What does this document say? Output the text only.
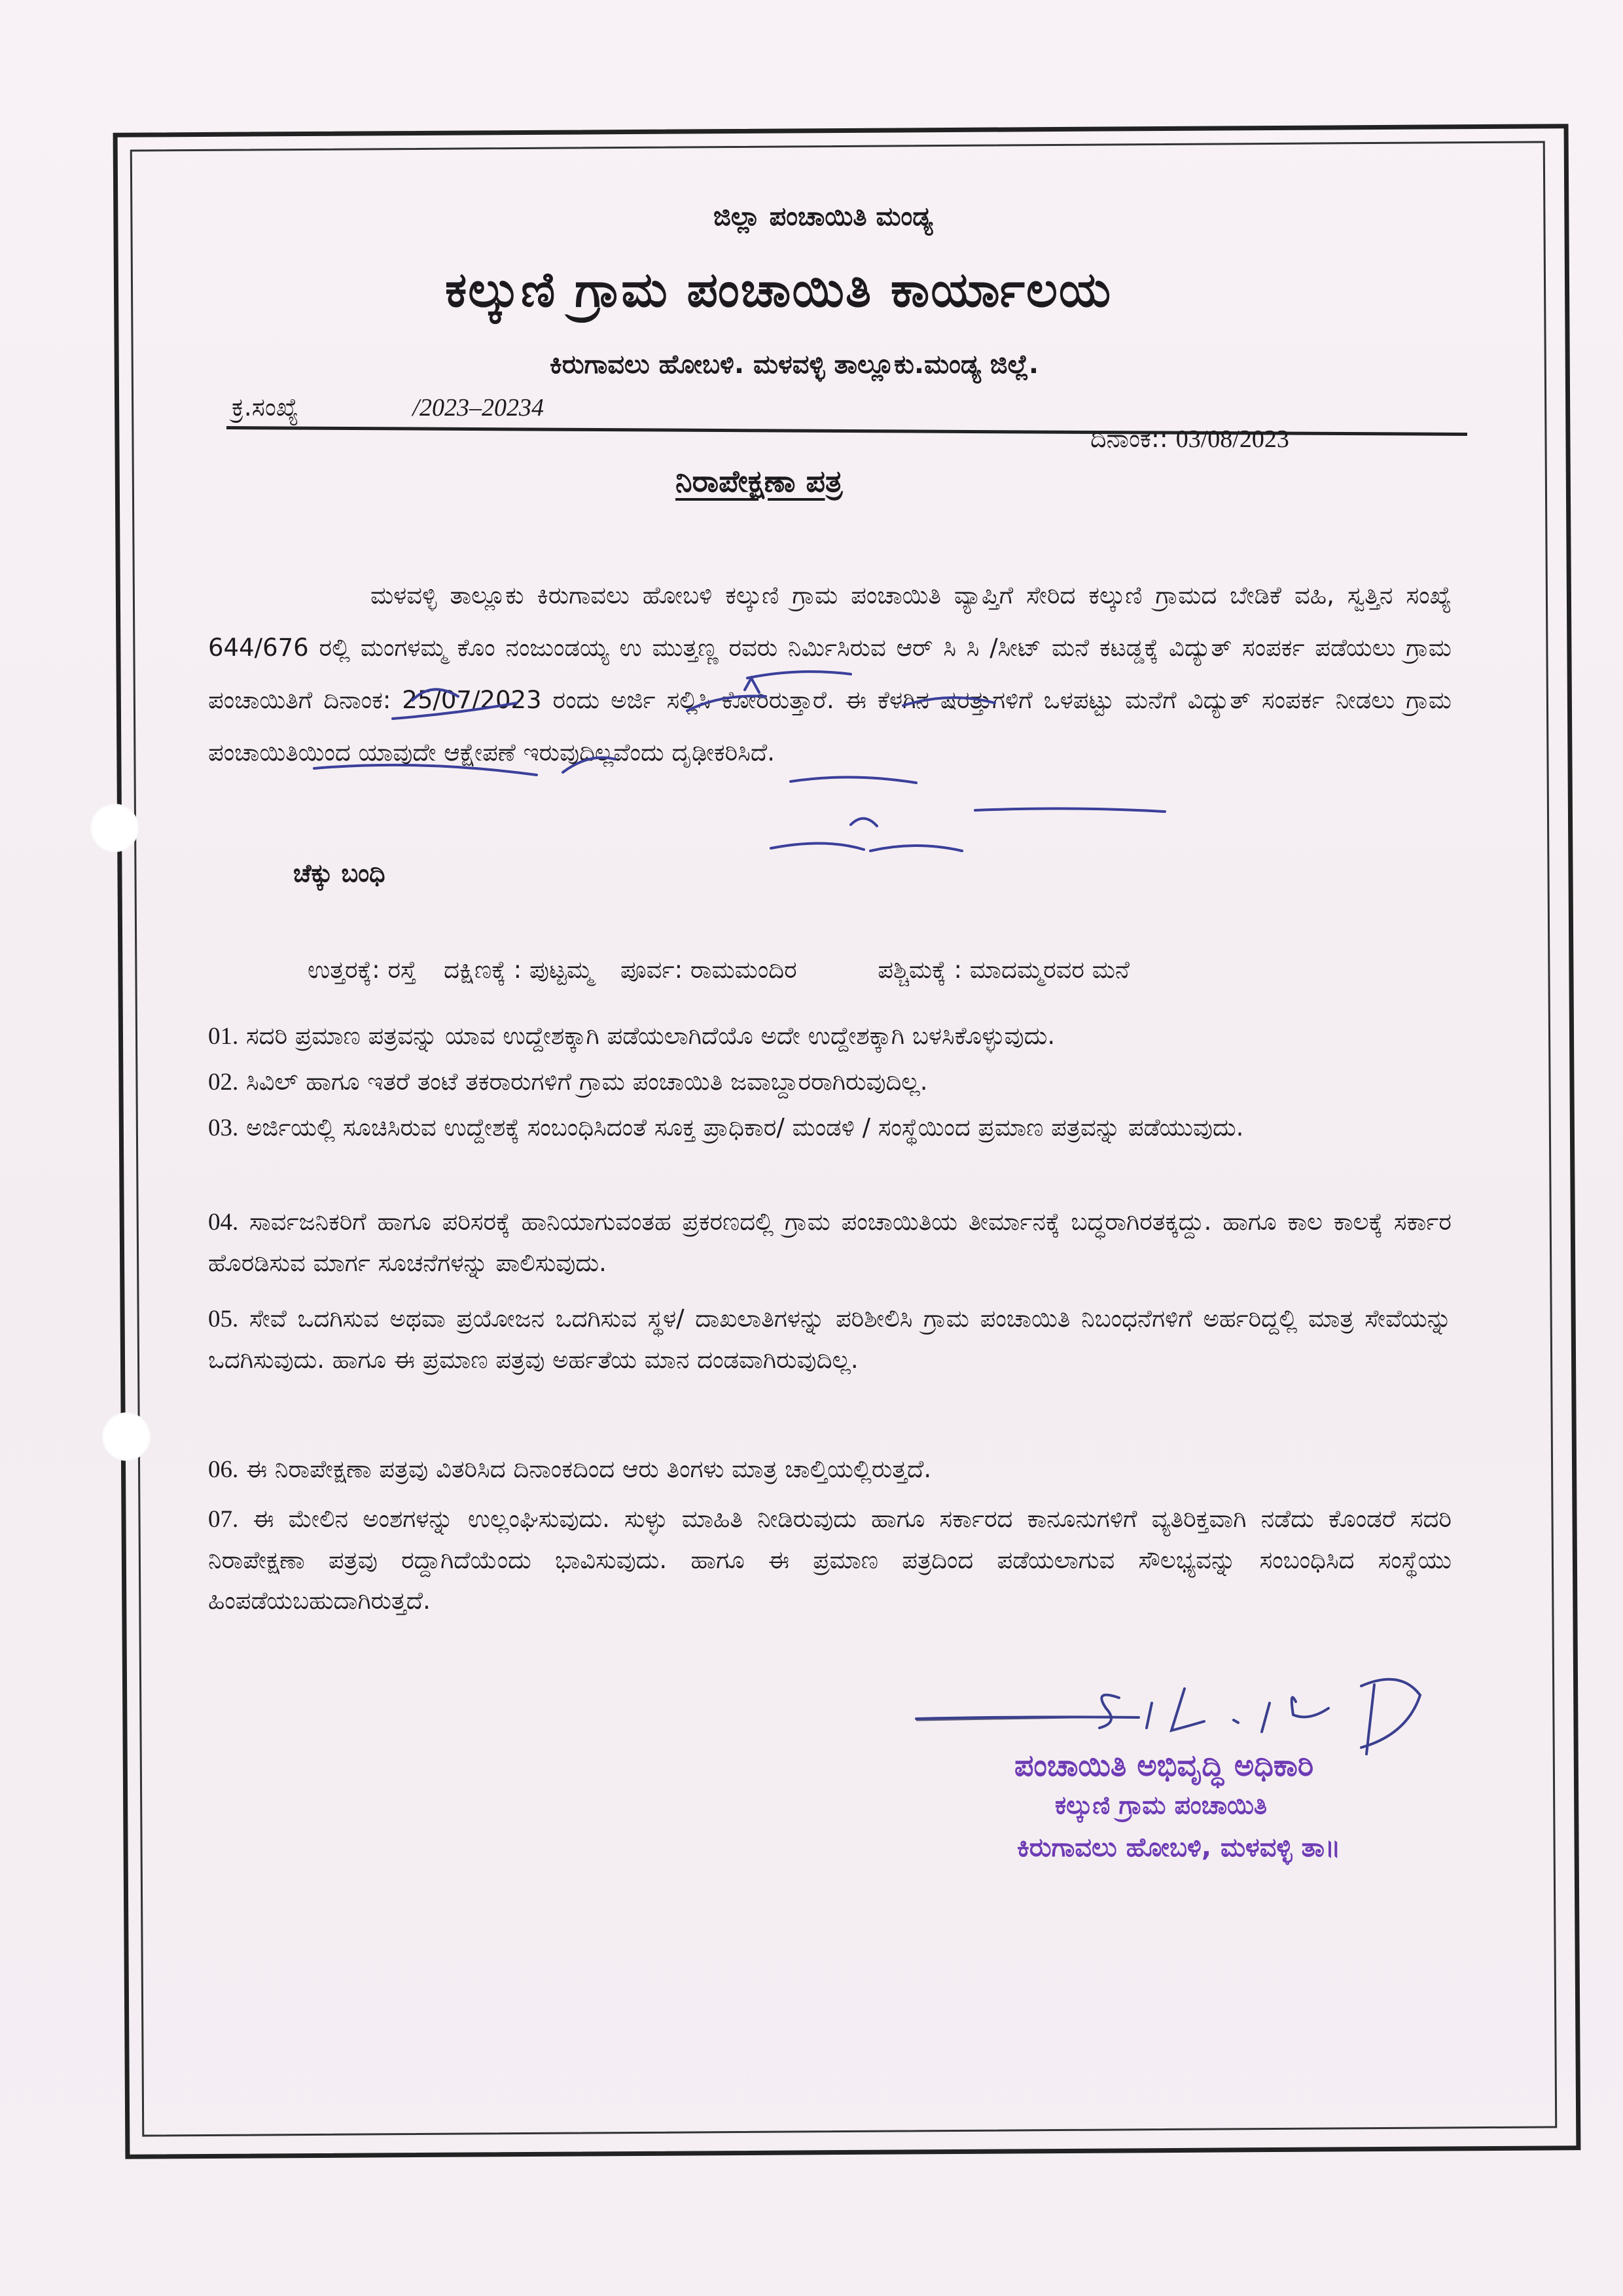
ಜಿಲ್ಲಾ ಪಂಚಾಯಿತಿ ಮಂಡ್ಯ
ಕಲ್ಕುಣಿ ಗ್ರಾಮ ಪಂಚಾಯಿತಿ ಕಾರ್ಯಾಲಯ
ಕಿರುಗಾವಲು ಹೋಬಳಿ. ಮಳವಳ್ಳಿ ತಾಲ್ಲೂಕು.ಮಂಡ್ಯ ಜಿಲ್ಲೆ.
ಕ್ರ.ಸಂಖ್ಯೆ	/2023–20234
ದಿನಾಂಕ:: 03/08/2023
ನಿರಾಪೇಕ್ಷಣಾ ಪತ್ರ
ಮಳವಳ್ಳಿ ತಾಲ್ಲೂಕು ಕಿರುಗಾವಲು ಹೋಬಳಿ ಕಲ್ಕುಣಿ ಗ್ರಾಮ ಪಂಚಾಯಿತಿ ವ್ಯಾಪ್ತಿಗೆ ಸೇರಿದ ಕಲ್ಕುಣಿ ಗ್ರಾಮದ ಬೇಡಿಕೆ ವಹಿ, ಸ್ವತ್ತಿನ ಸಂಖ್ಯೆ 644/676 ರಲ್ಲಿ ಮಂಗಳಮ್ಮ ಕೊಂ ನಂಜುಂಡಯ್ಯ ಉ ಮುತ್ತಣ್ಣ ರವರು ನಿರ್ಮಿಸಿರುವ ಆರ್ ಸಿ ಸಿ /ಸೀಟ್ ಮನೆ ಕಟಡ್ಡಕ್ಕೆ ವಿದ್ಯುತ್ ಸಂಪರ್ಕ ಪಡೆಯಲು ಗ್ರಾಮ ಪಂಚಾಯಿತಿಗೆ ದಿನಾಂಕ: 25/07/2023 ರಂದು ಅರ್ಜಿ ಸಲ್ಲಿಸಿ ಕೋರಿರುತ್ತಾರೆ. ಈ ಕೆಳಗಿನ ಷರತ್ತುಗಳಿಗೆ ಒಳಪಟ್ಟು ಮನೆಗೆ ವಿದ್ಯುತ್ ಸಂಪರ್ಕ ನೀಡಲು ಗ್ರಾಮ ಪಂಚಾಯಿತಿಯಿಂದ ಯಾವುದೇ ಆಕ್ಷೇಪಣೆ ಇರುವುದಿಲ್ಲವೆಂದು ದೃಢೀಕರಿಸಿದೆ.
ಚೆಕ್ಕು ಬಂಧಿ
ಉತ್ತರಕ್ಕೆ: ರಸ್ತೆ ದಕ್ಷಿಣಕ್ಕೆ : ಪುಟ್ಟಮ್ಮ ಪೂರ್ವ: ರಾಮಮಂದಿರ	ಪಶ್ಚಿಮಕ್ಕೆ : ಮಾದಮ್ಮರವರ ಮನೆ
01. ಸದರಿ ಪ್ರಮಾಣ ಪತ್ರವನ್ನು ಯಾವ ಉದ್ದೇಶಕ್ಕಾಗಿ ಪಡೆಯಲಾಗಿದೆಯೊ ಅದೇ ಉದ್ದೇಶಕ್ಕಾಗಿ ಬಳಸಿಕೊಳ್ಳುವುದು.
02. ಸಿವಿಲ್ ಹಾಗೂ ಇತರೆ ತಂಟೆ ತಕರಾರುಗಳಿಗೆ ಗ್ರಾಮ ಪಂಚಾಯಿತಿ ಜವಾಬ್ದಾರರಾಗಿರುವುದಿಲ್ಲ.
03. ಅರ್ಜಿಯಲ್ಲಿ ಸೂಚಿಸಿರುವ ಉದ್ದೇಶಕ್ಕೆ ಸಂಬಂಧಿಸಿದಂತೆ ಸೂಕ್ತ ಪ್ರಾಧಿಕಾರ/ ಮಂಡಳಿ / ಸಂಸ್ಥೆಯಿಂದ ಪ್ರಮಾಣ ಪತ್ರವನ್ನು ಪಡೆಯುವುದು.
04. ಸಾರ್ವಜನಿಕರಿಗೆ ಹಾಗೂ ಪರಿಸರಕ್ಕೆ ಹಾನಿಯಾಗುವಂತಹ ಪ್ರಕರಣದಲ್ಲಿ ಗ್ರಾಮ ಪಂಚಾಯಿತಿಯ ತೀರ್ಮಾನಕ್ಕೆ ಬದ್ಧರಾಗಿರತಕ್ಕದ್ದು. ಹಾಗೂ ಕಾಲ ಕಾಲಕ್ಕೆ ಸರ್ಕಾರ ಹೊರಡಿಸುವ ಮಾರ್ಗ ಸೂಚನೆಗಳನ್ನು ಪಾಲಿಸುವುದು.
05. ಸೇವೆ ಒದಗಿಸುವ ಅಥವಾ ಪ್ರಯೋಜನ ಒದಗಿಸುವ ಸ್ಥಳ/ ದಾಖಲಾತಿಗಳನ್ನು ಪರಿಶೀಲಿಸಿ ಗ್ರಾಮ ಪಂಚಾಯಿತಿ ನಿಬಂಧನೆಗಳಿಗೆ ಅರ್ಹರಿದ್ದಲ್ಲಿ ಮಾತ್ರ ಸೇವೆಯನ್ನು ಒದಗಿಸುವುದು. ಹಾಗೂ ಈ ಪ್ರಮಾಣ ಪತ್ರವು ಅರ್ಹತೆಯ ಮಾನ ದಂಡವಾಗಿರುವುದಿಲ್ಲ.
06. ಈ ನಿರಾಪೇಕ್ಷಣಾ ಪತ್ರವು ವಿತರಿಸಿದ ದಿನಾಂಕದಿಂದ ಆರು ತಿಂಗಳು ಮಾತ್ರ ಚಾಲ್ತಿಯಲ್ಲಿರುತ್ತದೆ.
07. ಈ ಮೇಲಿನ ಅಂಶಗಳನ್ನು ಉಲ್ಲಂಘಿಸುವುದು. ಸುಳ್ಳು ಮಾಹಿತಿ ನೀಡಿರುವುದು ಹಾಗೂ ಸರ್ಕಾರದ ಕಾನೂನುಗಳಿಗೆ ವ್ಯತಿರಿಕ್ತವಾಗಿ ನಡೆದು ಕೊಂಡರೆ ಸದರಿ ನಿರಾಪೇಕ್ಷಣಾ ಪತ್ರವು ರದ್ದಾಗಿದೆಯೆಂದು ಭಾವಿಸುವುದು. ಹಾಗೂ ಈ ಪ್ರಮಾಣ ಪತ್ರದಿಂದ ಪಡೆಯಲಾಗುವ ಸೌಲಭ್ಯವನ್ನು ಸಂಬಂಧಿಸಿದ ಸಂಸ್ಥೆಯು ಹಿಂಪಡೆಯಬಹುದಾಗಿರುತ್ತದೆ.
ಪಂಚಾಯಿತಿ ಅಭಿವೃದ್ಧಿ ಅಧಿಕಾರಿ
ಕಲ್ಕುಣಿ ಗ್ರಾಮ ಪಂಚಾಯಿತಿ
ಕಿರುಗಾವಲು ಹೋಬಳಿ, ಮಳವಳ್ಳಿ ತಾ॥
